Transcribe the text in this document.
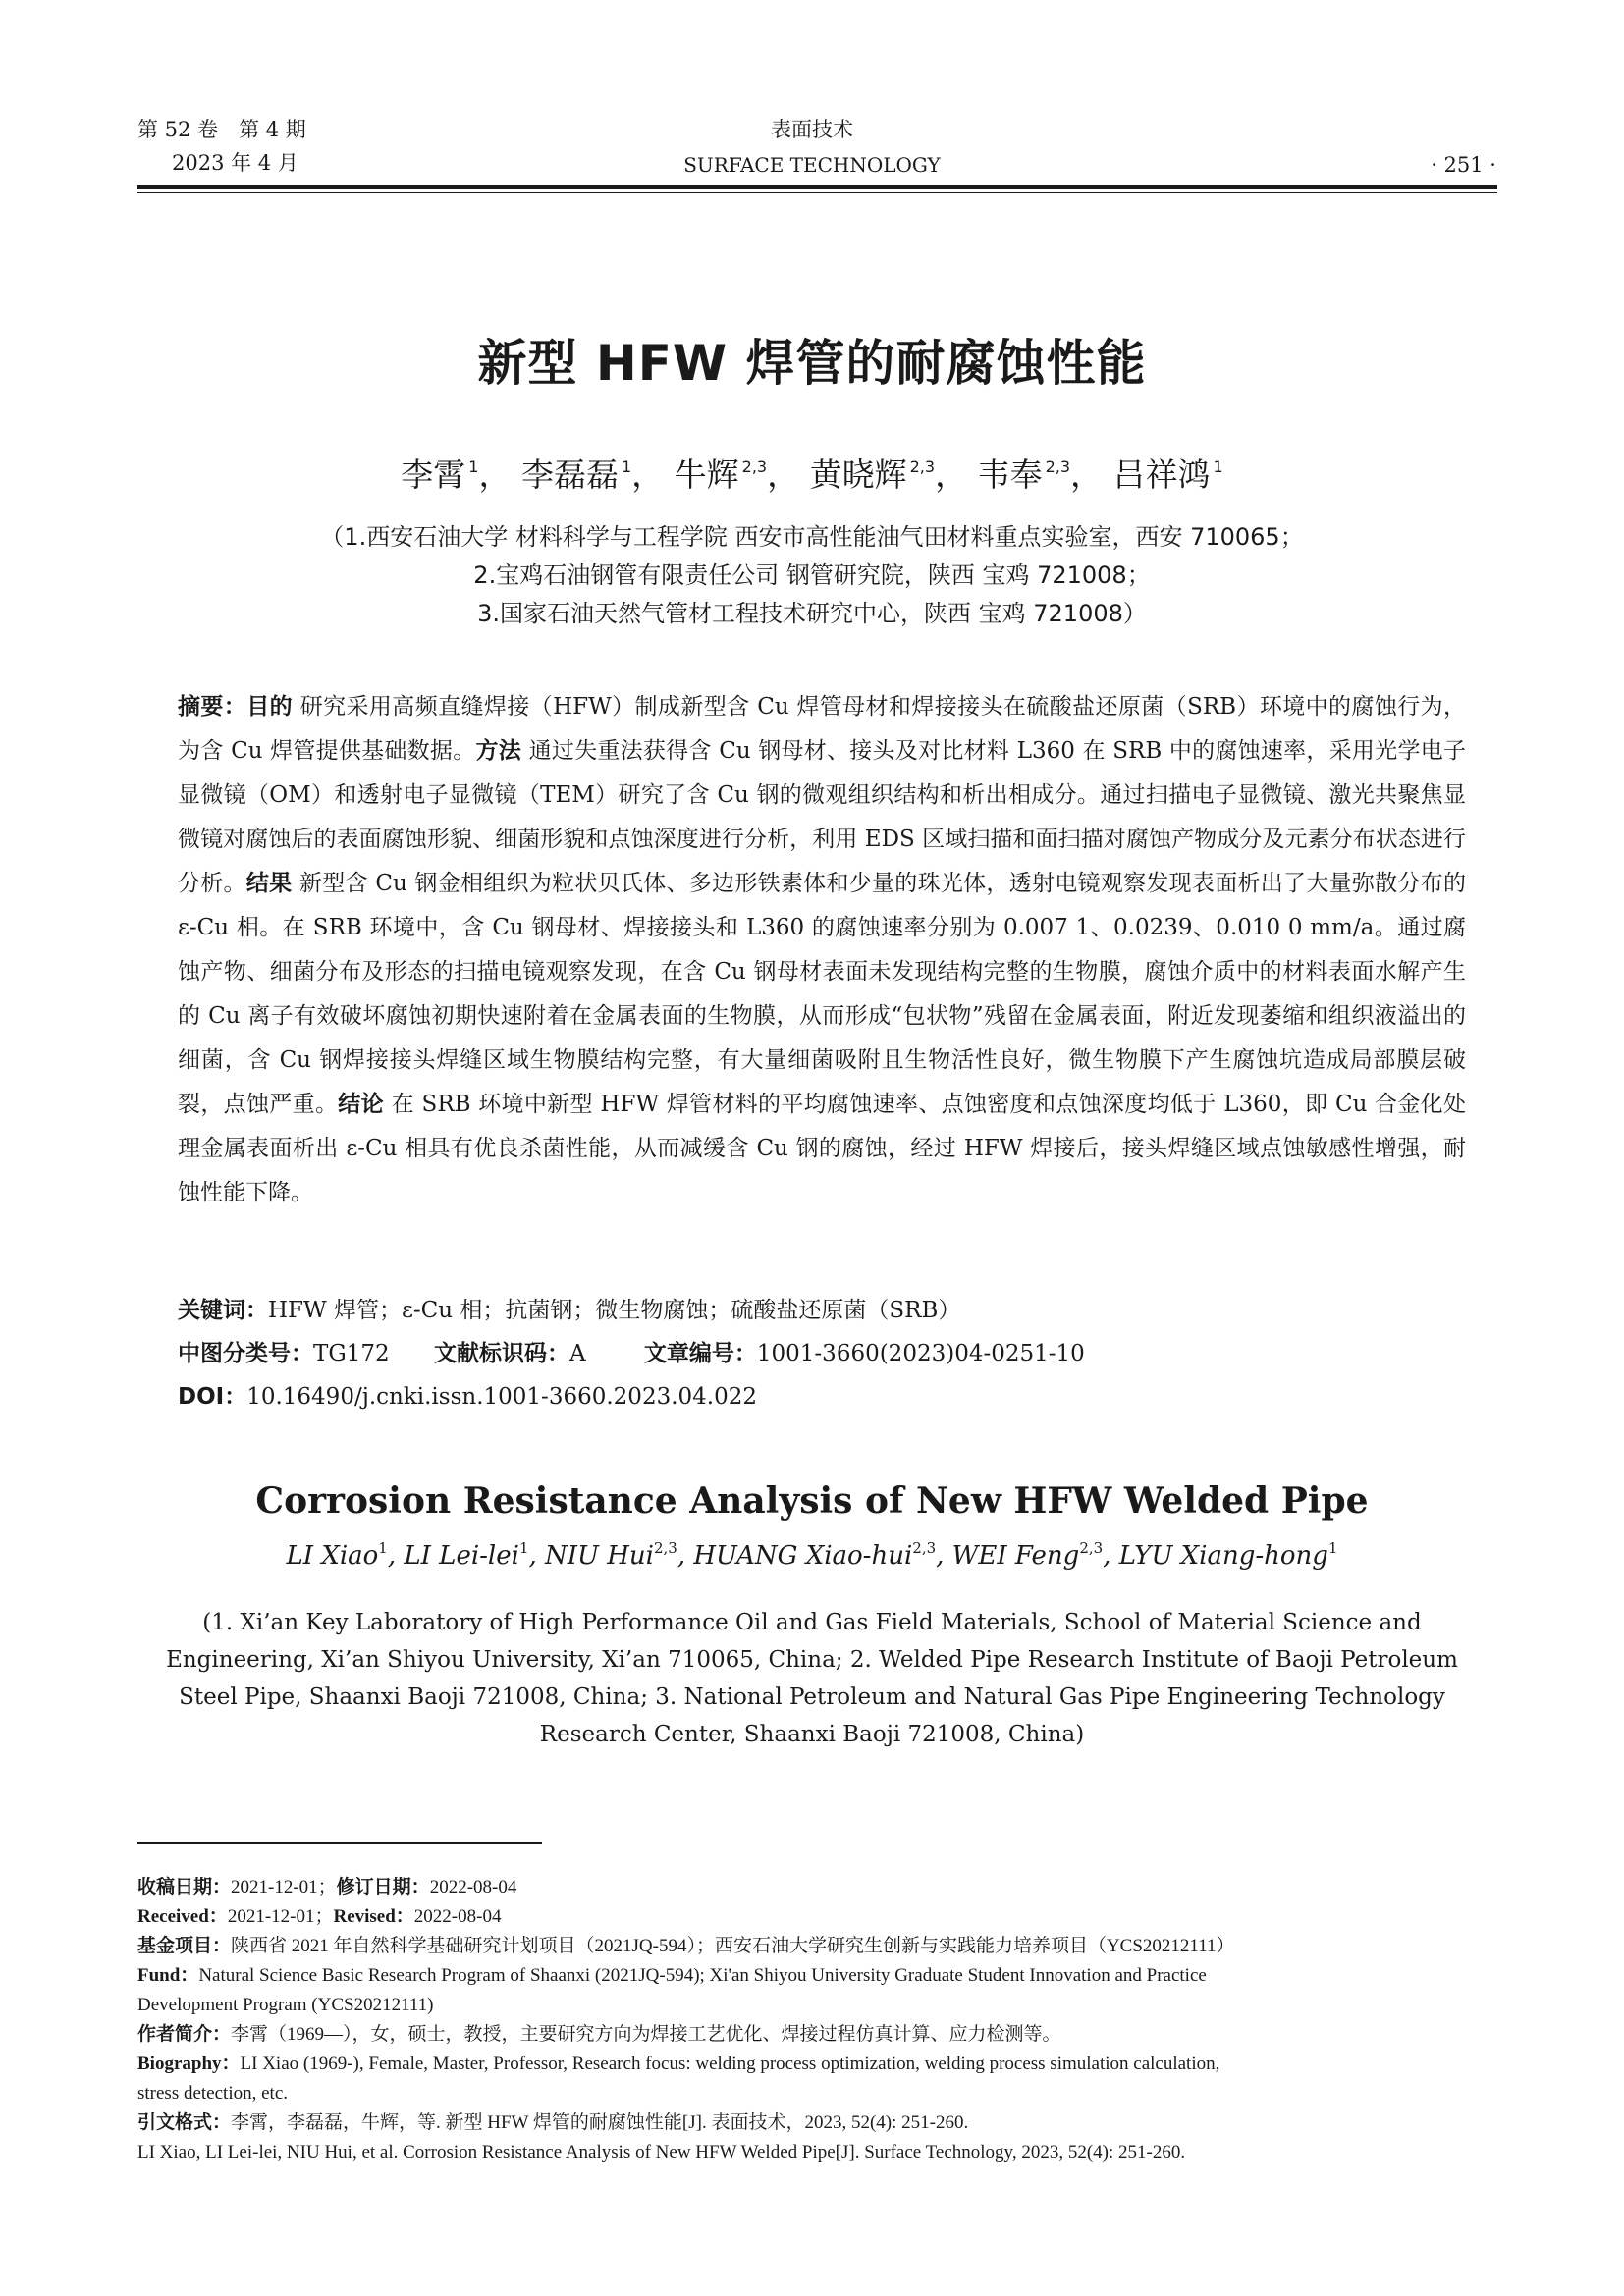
第 52 卷　第 4 期
2023 年 4 月
表面技术
SURFACE TECHNOLOGY	· 251 ·
新型 HFW 焊管的耐腐蚀性能
李霄 $^1$， 李磊磊 $^1$， 牛辉 $^{2,3}$， 黄晓辉 $^{2,3}$， 韦奉 $^{2,3}$， 吕祥鸿 $^1$
（1.西安石油大学 材料科学与工程学院 西安市高性能油气田材料重点实验室，西安 710065；
2.宝鸡石油钢管有限责任公司 钢管研究院，陕西 宝鸡 721008；
3.国家石油天然气管材工程技术研究中心，陕西 宝鸡 721008）
摘要：目的 研究采用高频直缝焊接（HFW）制成新型含 Cu 焊管母材和焊接接头在硫酸盐还原菌（SRB）环境中的腐蚀行为，为含 Cu 焊管提供基础数据。方法 通过失重法获得含 Cu 钢母材、接头及对比材料 L360 在 SRB 中的腐蚀速率，采用光学电子显微镜（OM）和透射电子显微镜（TEM）研究了含 Cu 钢的微观组织结构和析出相成分。通过扫描电子显微镜、激光共聚焦显微镜对腐蚀后的表面腐蚀形貌、细菌形貌和点蚀深度进行分析，利用 EDS 区域扫描和面扫描对腐蚀产物成分及元素分布状态进行分析。结果 新型含 Cu 钢金相组织为粒状贝氏体、多边形铁素体和少量的珠光体，透射电镜观察发现表面析出了大量弥散分布的 ε-Cu 相。在 SRB 环境中，含 Cu 钢母材、焊接接头和 L360 的腐蚀速率分别为 0.007 1、0.0239、0.010 0 mm/a。通过腐蚀产物、细菌分布及形态的扫描电镜观察发现，在含 Cu 钢母材表面未发现结构完整的生物膜，腐蚀介质中的材料表面水解产生的 Cu 离子有效破坏腐蚀初期快速附着在金属表面的生物膜，从而形成“包状物”残留在金属表面，附近发现萎缩和组织液溢出的细菌，含 Cu 钢焊接接头焊缝区域生物膜结构完整，有大量细菌吸附且生物活性良好，微生物膜下产生腐蚀坑造成局部膜层破裂，点蚀严重。结论 在 SRB 环境中新型 HFW 焊管材料的平均腐蚀速率、点蚀密度和点蚀深度均低于 L360，即 Cu 合金化处理金属表面析出 ε-Cu 相具有优良杀菌性能，从而减缓含 Cu 钢的腐蚀，经过 HFW 焊接后，接头焊缝区域点蚀敏感性增强，耐蚀性能下降。
关键词：HFW 焊管；ε-Cu 相；抗菌钢；微生物腐蚀；硫酸盐还原菌（SRB）
中图分类号：TG172 文献标识码：A	文章编号：1001-3660(2023)04-0251-10
DOI：10.16490/j.cnki.issn.1001-3660.2023.04.022
Corrosion Resistance Analysis of New HFW Welded Pipe
LI Xiao$^1$, LI Lei-lei$^1$, NIU Hui$^{2,3}$, HUANG Xiao-hui$^{2,3}$, WEI Feng$^{2,3}$, LYU Xiang-hong$^1$
(1. Xi’an Key Laboratory of High Performance Oil and Gas Field Materials, School of Material Science and
Engineering, Xi’an Shiyou University, Xi’an 710065, China; 2. Welded Pipe Research Institute of Baoji Petroleum
Steel Pipe, Shaanxi Baoji 721008, China; 3. National Petroleum and Natural Gas Pipe Engineering Technology
Research Center, Shaanxi Baoji 721008, China)
收稿日期：2021-12-01；修订日期：2022-08-04
Received：2021-12-01；Revised：2022-08-04
基金项目：陕西省 2021 年自然科学基础研究计划项目（2021JQ-594）；西安石油大学研究生创新与实践能力培养项目（YCS20212111）
Fund：Natural Science Basic Research Program of Shaanxi (2021JQ-594); Xi'an Shiyou University Graduate Student Innovation and Practice
Development Program (YCS20212111)
作者简介：李霄（1969—），女，硕士，教授，主要研究方向为焊接工艺优化、焊接过程仿真计算、应力检测等。
Biography：LI Xiao (1969-), Female, Master, Professor, Research focus: welding process optimization, welding process simulation calculation,
stress detection, etc.
引文格式：李霄，李磊磊，牛辉，等. 新型 HFW 焊管的耐腐蚀性能[J]. 表面技术，2023, 52(4): 251-260.
LI Xiao, LI Lei-lei, NIU Hui, et al. Corrosion Resistance Analysis of New HFW Welded Pipe[J]. Surface Technology, 2023, 52(4): 251-260.
